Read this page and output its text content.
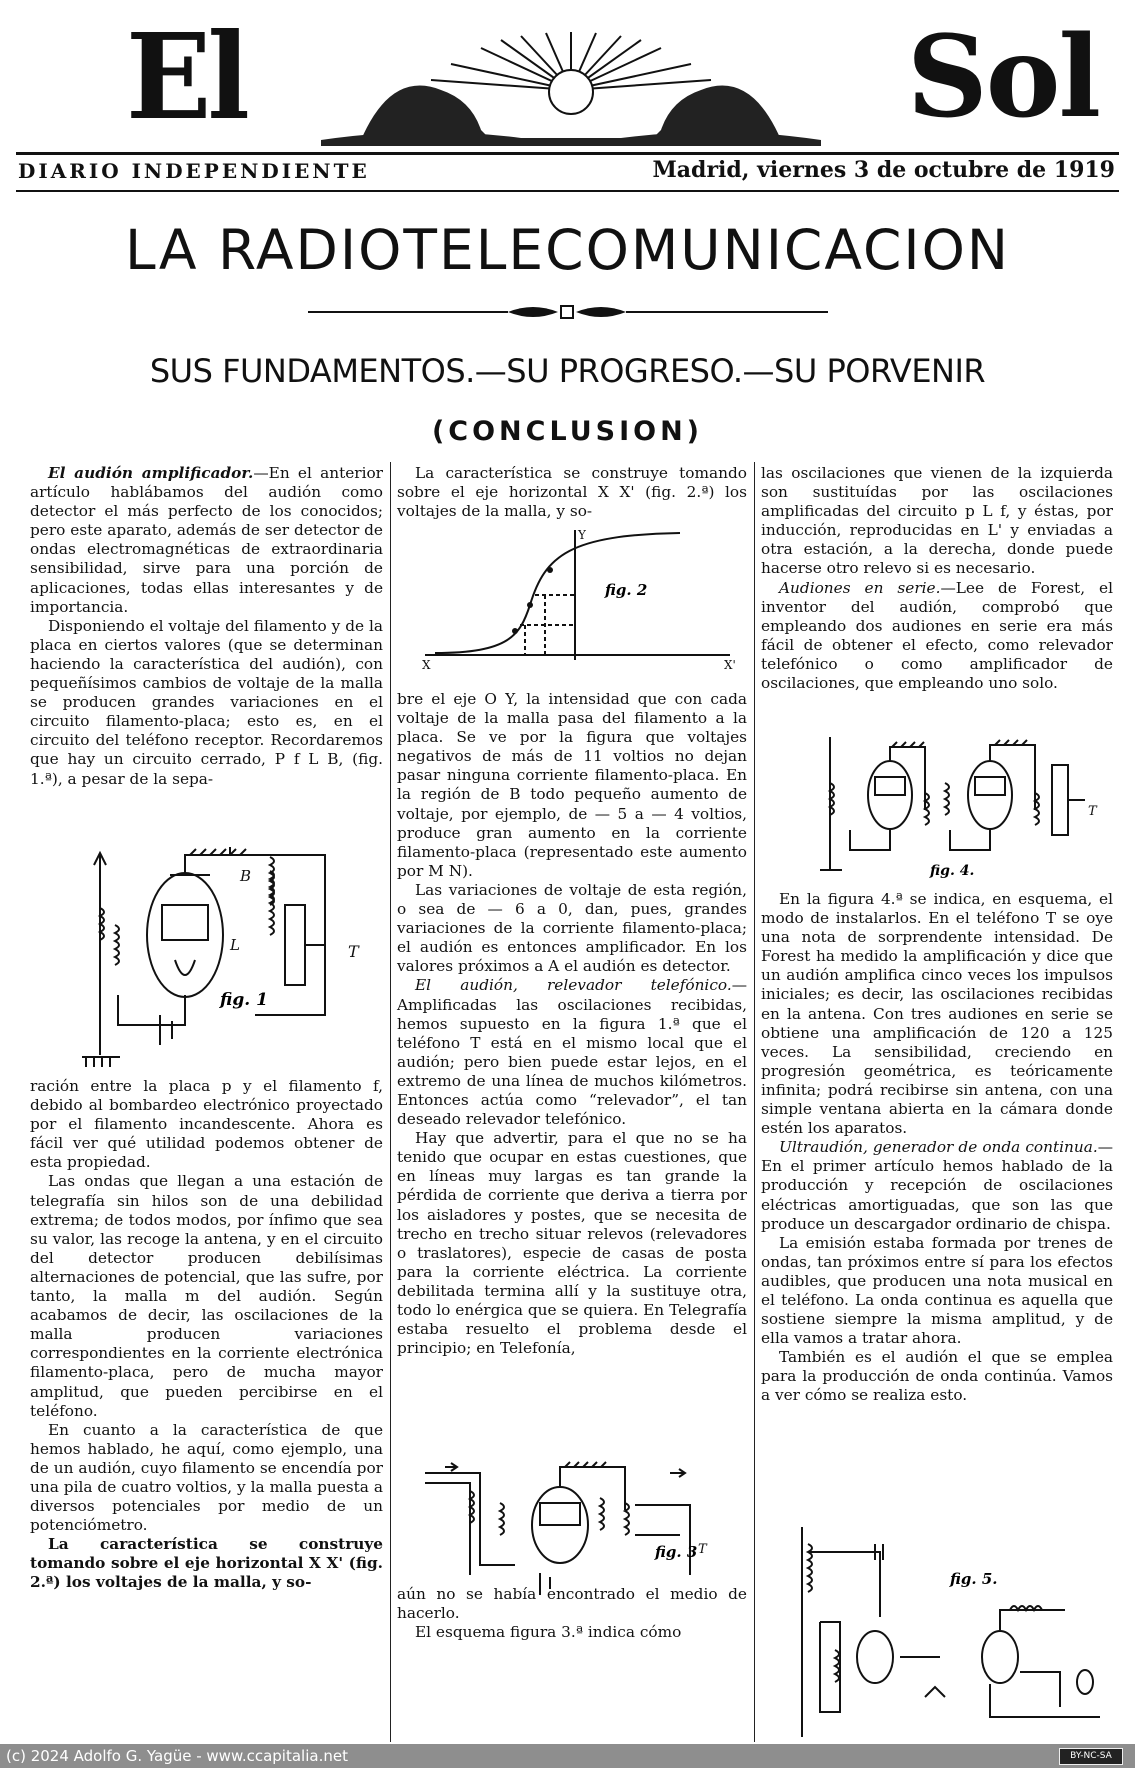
El	Sol
DIARIO INDEPENDIENTE	Madrid, viernes 3 de octubre de 1919
LA RADIOTELECOMUNICACION
SUS FUNDAMENTOS.—SU PROGRESO.—SU PORVENIR
(CONCLUSION)

El audión amplificador.—En el anterior artículo hablábamos del audión como detector el más perfecto de los conocidos; pero este aparato, además de ser detector de ondas electromagnéticas de extraordinaria sensibilidad, sirve para una porción de aplicaciones, todas ellas interesantes y de importancia.

Disponiendo el voltaje del filamento y de la placa en ciertos valores (que se determinan haciendo la característica del audión), con pequeñísimos cambios de voltaje de la malla se producen grandes variaciones en el circuito filamento-placa; esto es, en el circuito del teléfono receptor. Recordaremos que hay un circuito cerrado, P f L B, (fig. 1.ª), a pesar de la sepa-

fig. 1
L
B
T

ración entre la placa p y el filamento f, debido al bombardeo electrónico proyectado por el filamento incandescente. Ahora es fácil ver qué utilidad podemos obtener de esta propiedad.

Las ondas que llegan a una estación de telegrafía sin hilos son de una debilidad extrema; de todos modos, por ínfimo que sea su valor, las recoge la antena, y en el circuito del detector producen debilísimas alternaciones de potencial, que las sufre, por tanto, la malla m del audión. Según acabamos de decir, las oscilaciones de la malla producen variaciones correspondientes en la corriente electrónica filamento-placa, pero de mucha mayor amplitud, que pueden percibirse en el teléfono.

En cuanto a la característica de que hemos hablado, he aquí, como ejemplo, una de un audión, cuyo filamento se encendía por una pila de cuatro voltios, y la malla puesta a diversos potenciales por medio de un potenciómetro.

La característica se construye tomando sobre el eje horizontal X X' (fig. 2.ª) los voltajes de la malla, y so-

La característica se construye tomando sobre el eje horizontal X X' (fig. 2.ª) los voltajes de la malla, y so-

fig. 2
Y
X	X'

bre el eje O Y, la intensidad que con cada voltaje de la malla pasa del filamento a la placa. Se ve por la figura que voltajes negativos de más de 11 voltios no dejan pasar ninguna corriente filamento-placa. En la región de B todo pequeño aumento de voltaje, por ejemplo, de — 5 a — 4 voltios, produce gran aumento en la corriente filamento-placa (representado este aumento por M N).

Las variaciones de voltaje de esta región, o sea de — 6 a 0, dan, pues, grandes variaciones de la corriente filamento-placa; el audión es entonces amplificador. En los valores próximos a A el audión es detector.

El audión, relevador telefónico.—Amplificadas las oscilaciones recibidas, hemos supuesto en la figura 1.ª que el teléfono T está en el mismo local que el audión; pero bien puede estar lejos, en el extremo de una línea de muchos kilómetros. Entonces actúa como “relevador”, el tan deseado relevador telefónico.

Hay que advertir, para el que no se ha tenido que ocupar en estas cuestiones, que en líneas muy largas es tan grande la pérdida de corriente que deriva a tierra por los aisladores y postes, que se necesita de trecho en trecho situar relevos (relevadores o traslatores), especie de casas de posta para la corriente eléctrica. La corriente debilitada termina allí y la sustituye otra, todo lo enérgica que se quiera. En Telegrafía estaba resuelto el problema desde el principio; en Telefonía,

fig. 3 T

aún no se había encontrado el medio de hacerlo.

El esquema figura 3.ª indica cómo

las oscilaciones que vienen de la izquierda son sustituídas por las oscilaciones amplificadas del circuito p L f, y éstas, por inducción, reproducidas en L' y enviadas a otra estación, a la derecha, donde puede hacerse otro relevo si es necesario.

Audiones en serie.—Lee de Forest, el inventor del audión, comprobó que empleando dos audiones en serie era más fácil de obtener el efecto, como relevador telefónico o como amplificador de oscilaciones, que empleando uno solo.

fig. 4.
T

En la figura 4.ª se indica, en esquema, el modo de instalarlos. En el teléfono T se oye una nota de sorprendente intensidad. De Forest ha medido la amplificación y dice que un audión amplifica cinco veces los impulsos iniciales; es decir, las oscilaciones recibidas en la antena. Con tres audiones en serie se obtiene una amplificación de 120 a 125 veces. La sensibilidad, creciendo en progresión geométrica, es teóricamente infinita; podrá recibirse sin antena, con una simple ventana abierta en la cámara donde estén los aparatos.

Ultraudión, generador de onda continua.—En el primer artículo hemos hablado de la producción y recepción de oscilaciones eléctricas amortiguadas, que son las que produce un descargador ordinario de chispa.

La emisión estaba formada por trenes de ondas, tan próximos entre sí para los efectos audibles, que producen una nota musical en el teléfono. La onda continua es aquella que sostiene siempre la misma amplitud, y de ella vamos a tratar ahora.

También es el audión el que se emplea para la producción de onda continúa. Vamos a ver cómo se realiza esto.

fig. 5.
(c) 2024 Adolfo G. Yagüe - www.ccapitalia.net	BY-NC-SA
